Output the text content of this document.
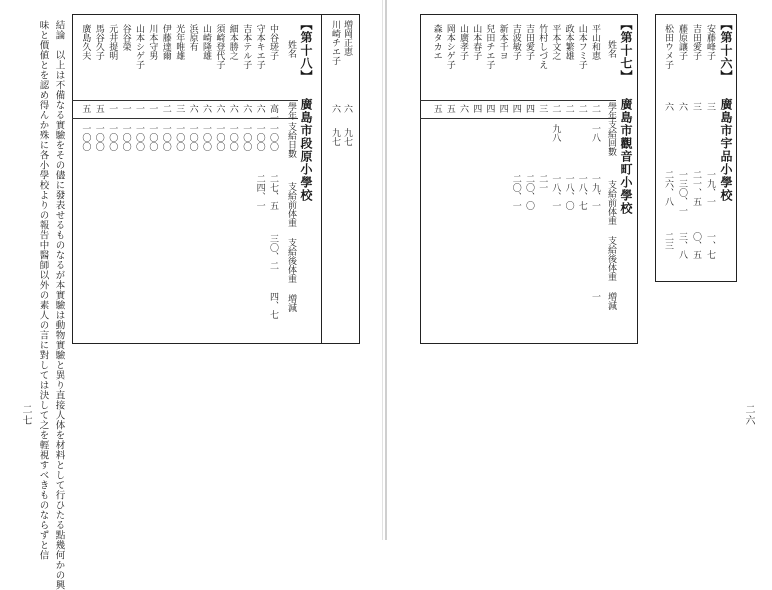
【第十六】 廣島市宇品小學校
安藤峰子
三
一九、一
一、七
吉田愛子
三
二一、五
〇、五
藤原讓子
六
一三〇、一
三、八
松田ウメ子
六
二六、八
二三
【第十七】 廣島市觀音町小學校
姓名
學年
支給回數
支給前体重
支給後体重
増減
平山和恵
二
一八
一九、一
一
山本フミ子
二
一八、七
政本繁雄
二
一八、〇
平本文之
二
九八
一八、一
竹村しづえ
三
二一
吉田愛子
四
二〇、〇
吉波敏子
四
二〇、一
新本千ヨ
四
兒田チエ子
四
山本春子
四
山廣孝子
六
岡本シゲ子
五
森タカエ
五
二六
増岡正恵
六
九七
川崎チエ子
六
九七
【第十八】 廣島市段原小學校
姓名
學年
支給日數
支給前体重
支給後体重
増減
中谷瑳子
高一
一〇〇
二七、五
三〇、二
四、七
守本キエ子
六
一〇〇
二四、一
吉本テル子
六
一〇〇
細本勝之
六
一〇〇
須崎登代子
六
一〇〇
山崎隆雄
六
一〇〇
浜原有
六
一〇〇
光年唯雄
三
一〇〇
伊藤達爾
二
一〇〇
川本守男
一
一〇〇
山本シゲ子
一
一〇〇
谷谷榮
一
一〇〇
元井提明
一
一〇〇
馬谷久子
五
一〇〇
廣島久夫
五
一〇〇
結論　以上は不備なる實驗をその儘に發表せるものなるが本實驗は動物實驗と異り直接人体を材料として行ひたる點幾何かの興
味と價値とを認め得んか殊に各小學校よりの報告中醫師以外の素人の言に對しては決して之を輕視すべきものならずと信
二七
